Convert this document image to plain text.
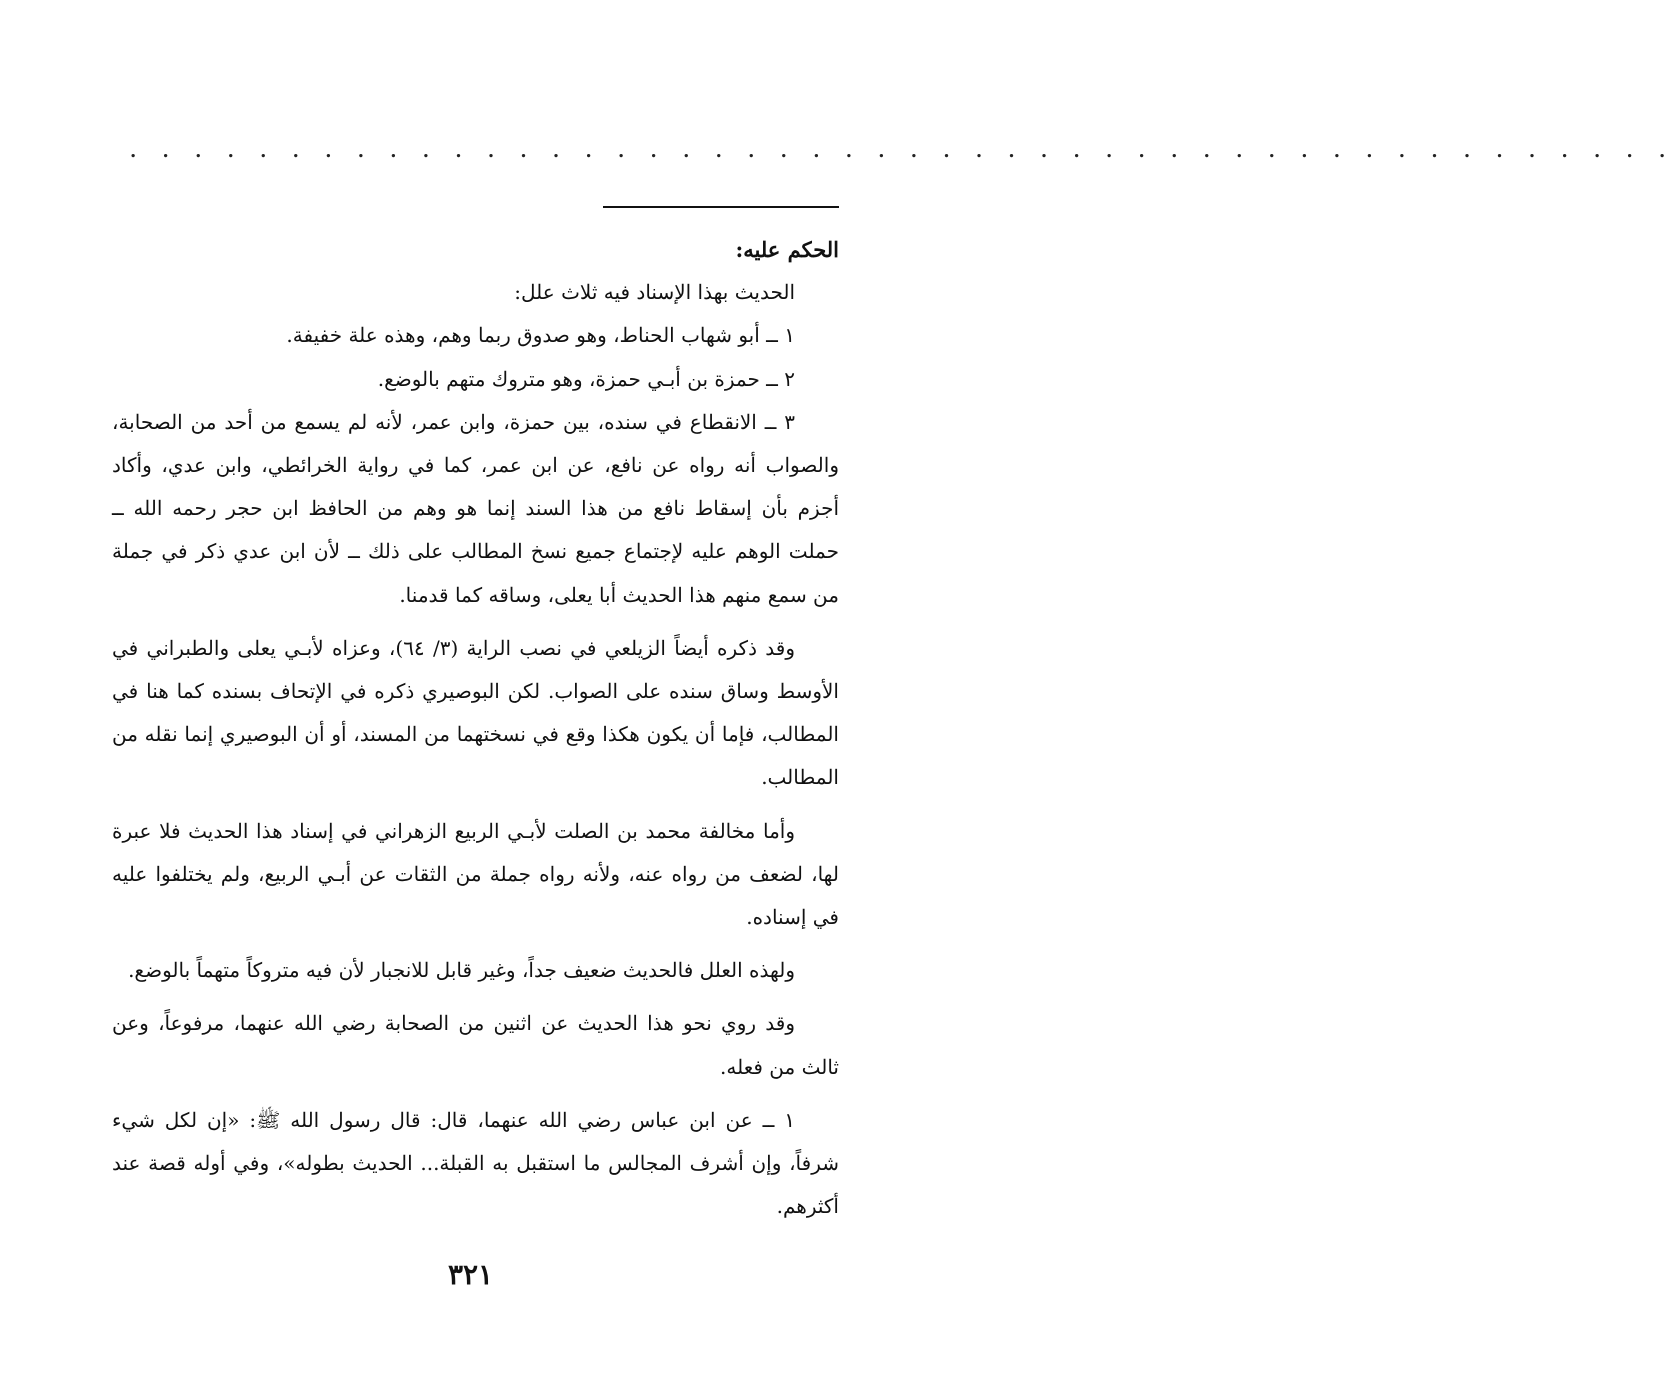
. . . . . . . . . . . . . . . . . . . . . . . . . . . . . . . . . . . . . . . . . . . . . . . .

الحكم عليه:

الحديث بهذا الإسناد فيه ثلاث علل:

١ ــ أبو شهاب الحناط، وهو صدوق ربما وهم، وهذه علة خفيفة.

٢ ــ حمزة بن أبـي حمزة، وهو متروك متهم بالوضع.

٣ ــ الانقطاع في سنده، بين حمزة، وابن عمر، لأنه لم يسمع من أحد من الصحابة، والصواب أنه رواه عن نافع، عن ابن عمر، كما في رواية الخرائطي، وابن عدي، وأكاد أجزم بأن إسقاط نافع من هذا السند إنما هو وهم من الحافظ ابن حجر رحمه الله ــ حملت الوهم عليه لإجتماع جميع نسخ المطالب على ذلك ــ لأن ابن عدي ذكر في جملة من سمع منهم هذا الحديث أبا يعلى، وساقه كما قدمنا.

وقد ذكره أيضاً الزيلعي في نصب الراية (٣/ ٦٤)، وعزاه لأبـي يعلى والطبراني في الأوسط وساق سنده على الصواب. لكن البوصيري ذكره في الإتحاف بسنده كما هنا في المطالب، فإما أن يكون هكذا وقع في نسختهما من المسند، أو أن البوصيري إنما نقله من المطالب.

وأما مخالفة محمد بن الصلت لأبـي الربيع الزهراني في إسناد هذا الحديث فلا عبرة لها، لضعف من رواه عنه، ولأنه رواه جملة من الثقات عن أبـي الربيع، ولم يختلفوا عليه في إسناده.

ولهذه العلل فالحديث ضعيف جداً، وغير قابل للانجبار لأن فيه متروكاً متهماً بالوضع.

وقد روي نحو هذا الحديث عن اثنين من الصحابة رضي الله عنهما، مرفوعاً، وعن ثالث من فعله.

١ ــ عن ابن عباس رضي الله عنهما، قال: قال رسول الله ﷺ: «إن لكل شيء شرفاً، وإن أشرف المجالس ما استقبل به القبلة... الحديث بطوله»، وفي أوله قصة عند أكثرهم.

٣٢١
